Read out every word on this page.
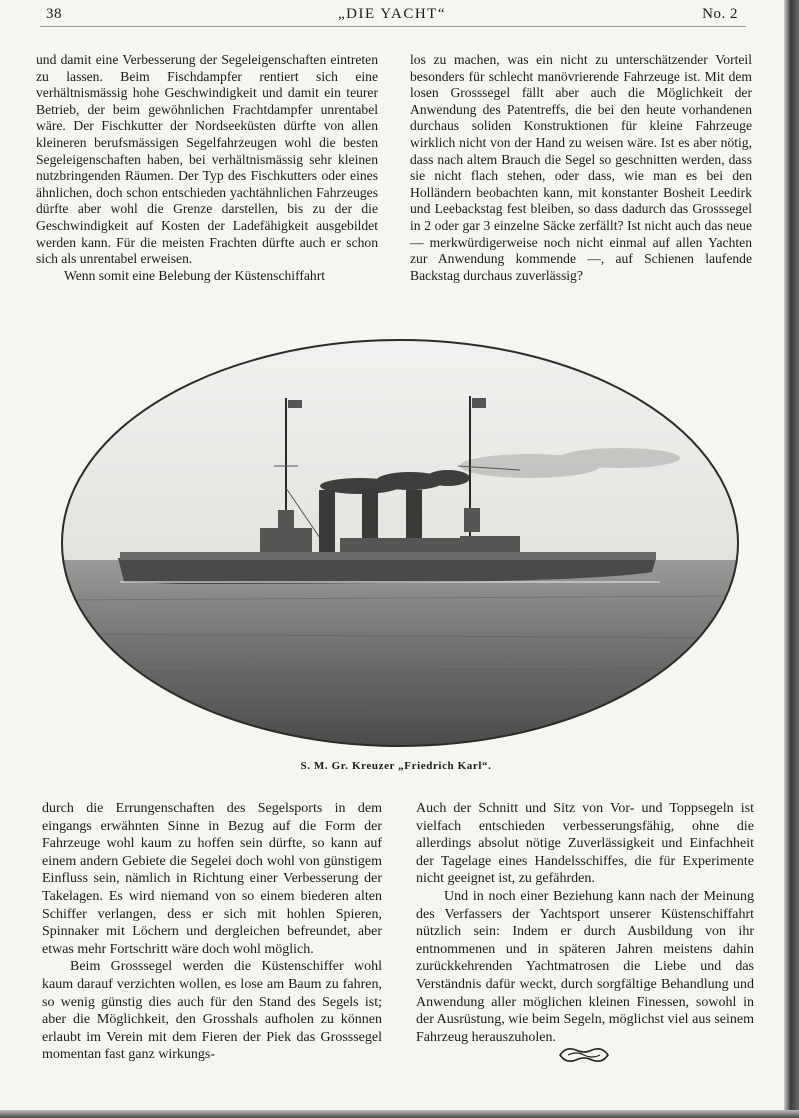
38	„DIE YACHT“	No. 2

und damit eine Verbesserung der Segeleigenschaften eintreten zu lassen. Beim Fischdampfer rentiert sich eine verhältnismässig hohe Geschwindigkeit und damit ein teurer Betrieb, der beim gewöhnlichen Frachtdampfer unrentabel wäre. Der Fischkutter der Nordseeküsten dürfte von allen kleineren berufsmässigen Segelfahrzeugen wohl die besten Segeleigenschaften haben, bei verhältnismässig sehr kleinen nutzbringenden Räumen. Der Typ des Fischkutters oder eines ähnlichen, doch schon entschieden yachtähnlichen Fahrzeuges dürfte aber wohl die Grenze darstellen, bis zu der die Geschwindigkeit auf Kosten der Ladefähigkeit ausgebildet werden kann. Für die meisten Frachten dürfte auch er schon sich als unrentabel erweisen.

Wenn somit eine Belebung der Küstenschiffahrt

los zu machen, was ein nicht zu unterschätzender Vorteil besonders für schlecht manövrierende Fahrzeuge ist. Mit dem losen Grosssegel fällt aber auch die Möglichkeit der Anwendung des Patentreffs, die bei den heute vorhandenen durchaus soliden Konstruktionen für kleine Fahrzeuge wirklich nicht von der Hand zu weisen wäre. Ist es aber nötig, dass nach altem Brauch die Segel so geschnitten werden, dass sie nicht flach stehen, oder dass, wie man es bei den Holländern beobachten kann, mit konstanter Bosheit Leedirk und Leebackstag fest bleiben, so dass dadurch das Grosssegel in 2 oder gar 3 einzelne Säcke zerfällt? Ist nicht auch das neue — merkwürdigerweise noch nicht einmal auf allen Yachten zur Anwendung kommende —, auf Schienen laufende Backstag durchaus zuverlässig?

S. M. Gr. Kreuzer „Friedrich Karl“.

durch die Errungenschaften des Segelsports in dem eingangs erwähnten Sinne in Bezug auf die Form der Fahrzeuge wohl kaum zu hoffen sein dürfte, so kann auf einem andern Gebiete die Segelei doch wohl von günstigem Einfluss sein, nämlich in Richtung einer Verbesserung der Takelagen. Es wird niemand von so einem biederen alten Schiffer verlangen, dess er sich mit hohlen Spieren, Spinnaker mit Löchern und dergleichen befreundet, aber etwas mehr Fortschritt wäre doch wohl möglich.

Beim Grosssegel werden die Küstenschiffer wohl kaum darauf verzichten wollen, es lose am Baum zu fahren, so wenig günstig dies auch für den Stand des Segels ist; aber die Möglichkeit, den Grosshals aufholen zu können erlaubt im Verein mit dem Fieren der Piek das Grosssegel momentan fast ganz wirkungs-

Auch der Schnitt und Sitz von Vor- und Toppsegeln ist vielfach entschieden verbesserungsfähig, ohne die allerdings absolut nötige Zuverlässigkeit und Einfachheit der Tagelage eines Handelsschiffes, die für Experimente nicht geeignet ist, zu gefährden.

Und in noch einer Beziehung kann nach der Meinung des Verfassers der Yachtsport unserer Küstenschiffahrt nützlich sein: Indem er durch Ausbildung von ihr entnommenen und in späteren Jahren meistens dahin zurückkehrenden Yachtmatrosen die Liebe und das Verständnis dafür weckt, durch sorgfältige Behandlung und Anwendung aller möglichen kleinen Finessen, sowohl in der Ausrüstung, wie beim Segeln, möglichst viel aus seinem Fahrzeug herauszuholen.
